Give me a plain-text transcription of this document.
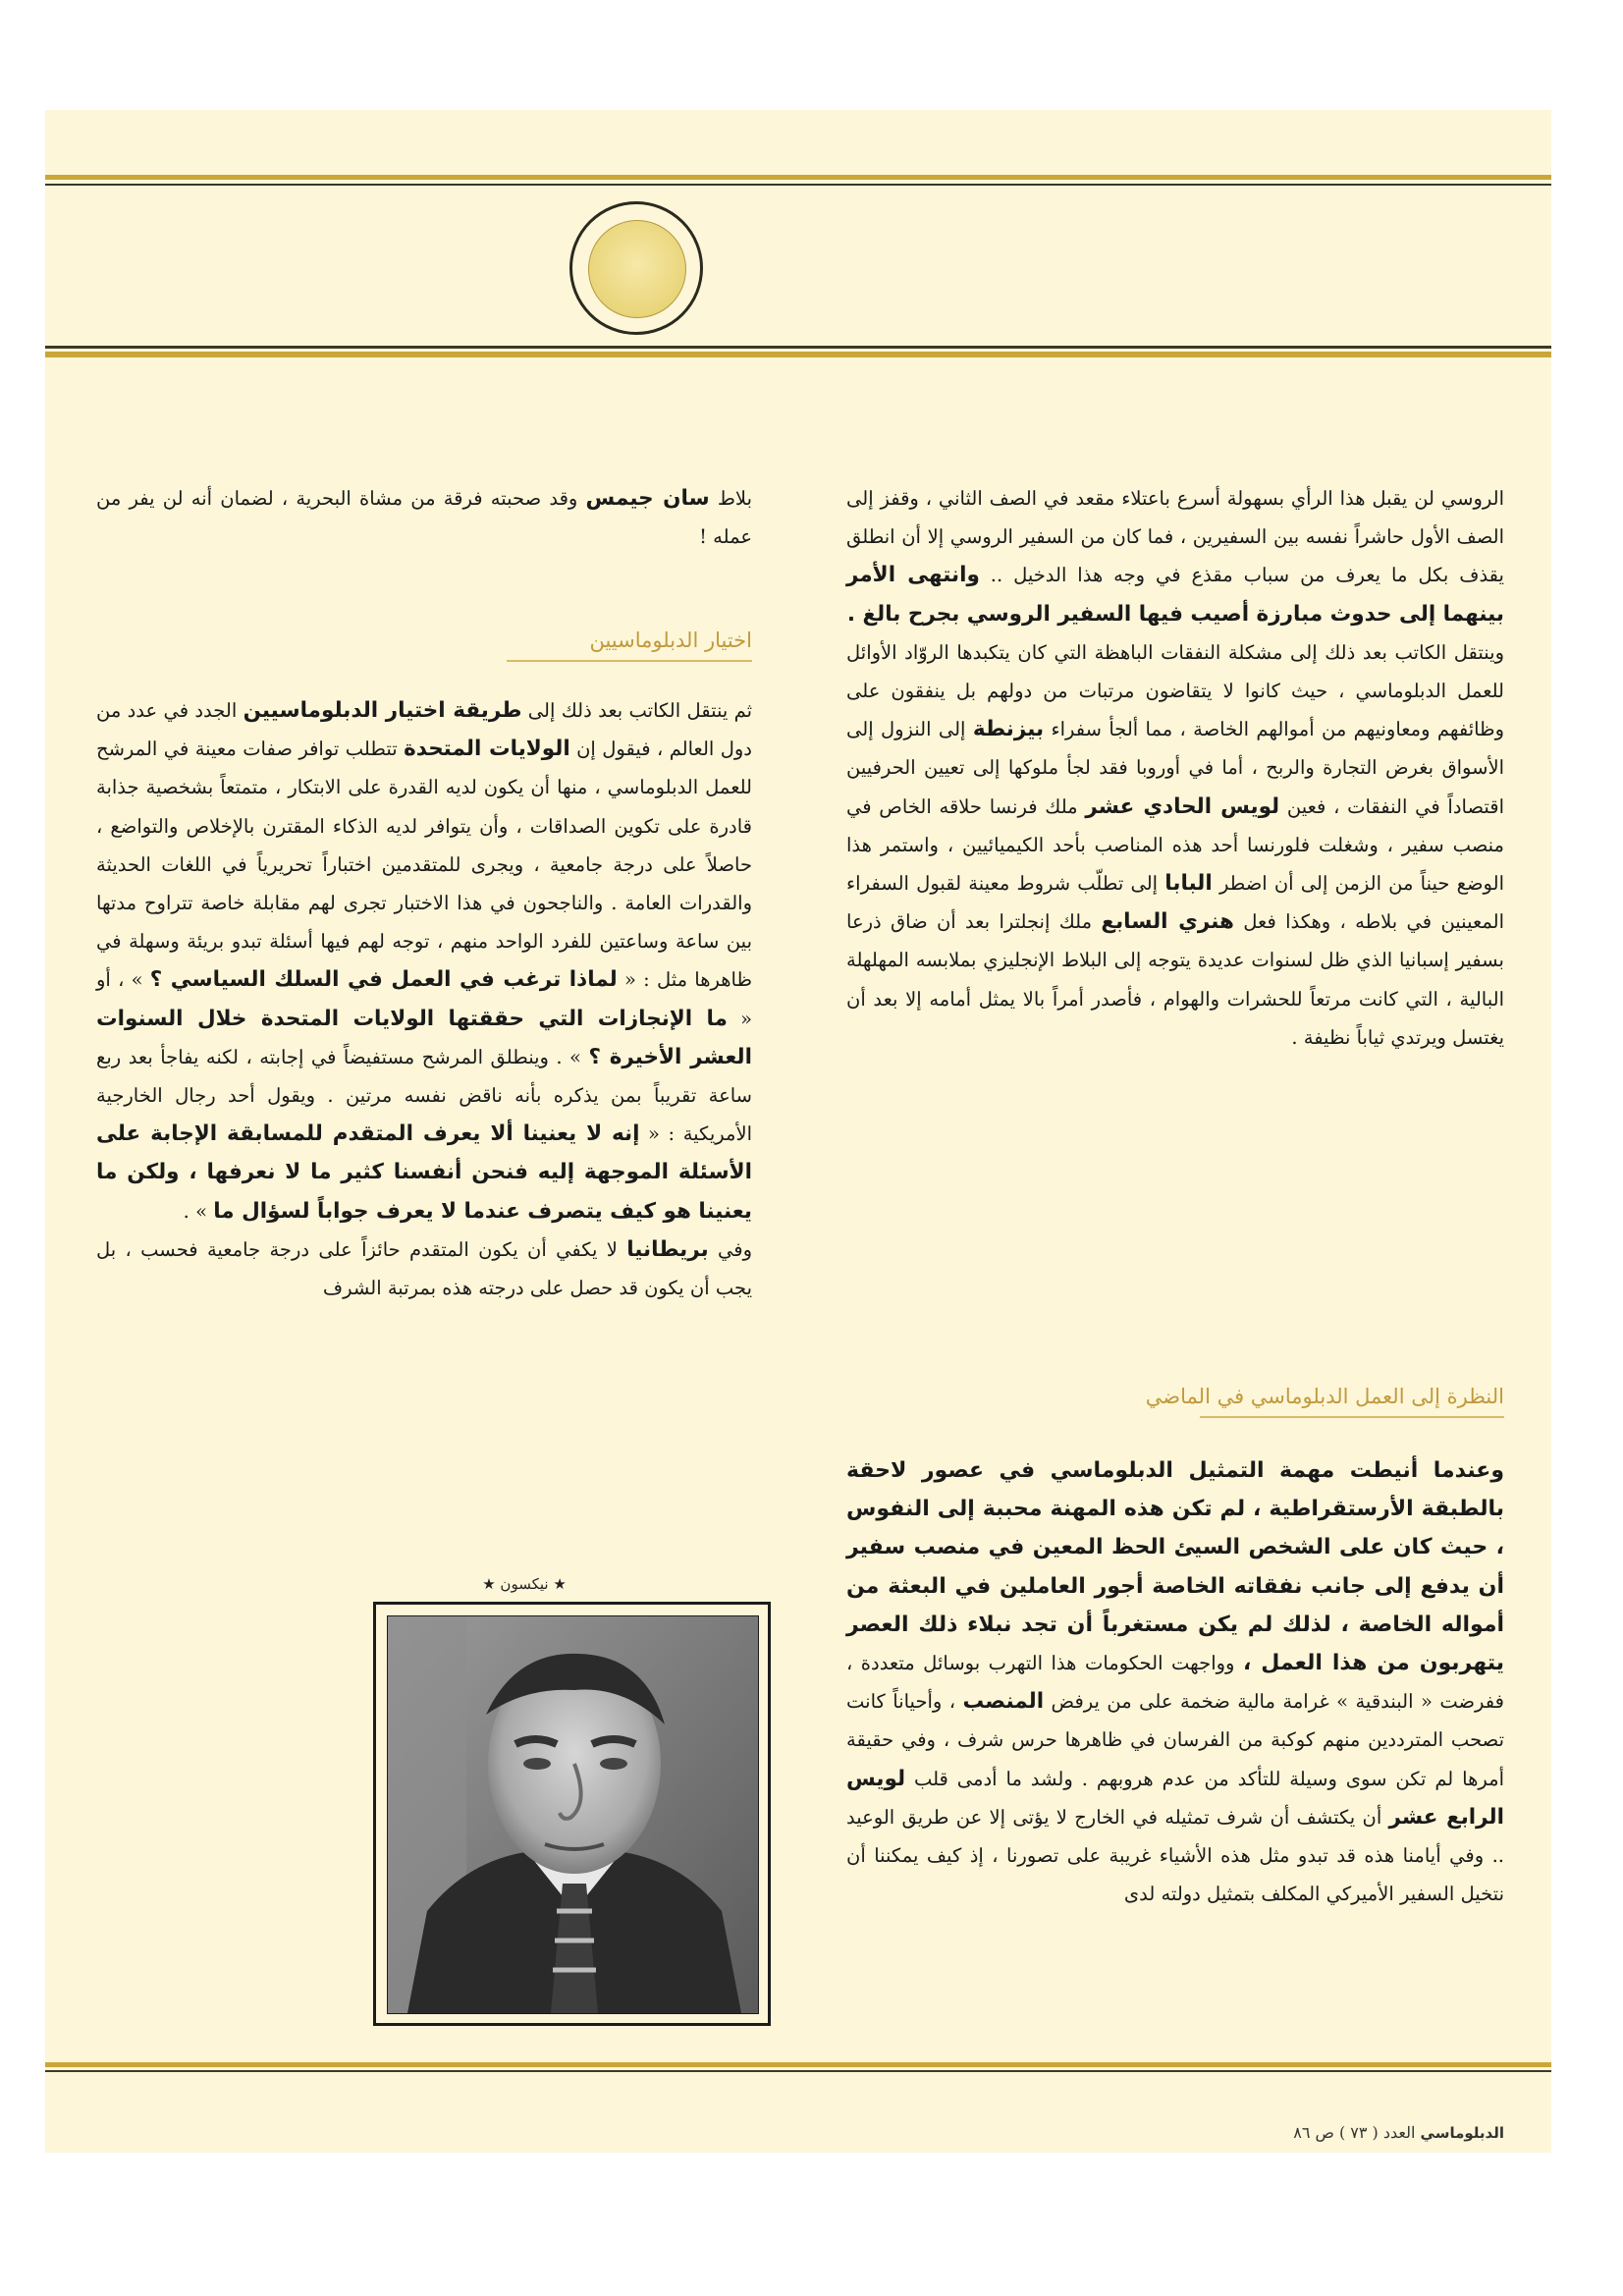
الروسي لن يقبل هذا الرأي بسهولة أسرع باعتلاء مقعد في الصف الثاني ، وقفز إلى الصف الأول حاشراً نفسه بين السفيرين ، فما كان من السفير الروسي إلا أن انطلق يقذف بكل ما يعرف من سباب مقذع في وجه هذا الدخيل .. وانتهى الأمر بينهما إلى حدوث مبارزة أصيب فيها السفير الروسي بجرح بالغ .

وينتقل الكاتب بعد ذلك إلى مشكلة النفقات الباهظة التي كان يتكبدها الروّاد الأوائل للعمل الدبلوماسي ، حيث كانوا لا يتقاضون مرتبات من دولهم بل ينفقون على وظائفهم ومعاونيهم من أموالهم الخاصة ، مما ألجأ سفراء بيزنطة إلى النزول إلى الأسواق بغرض التجارة والربح ، أما في أوروبا فقد لجأ ملوكها إلى تعيين الحرفيين اقتصاداً في النفقات ، فعين لويس الحادي عشر ملك فرنسا حلاقه الخاص في منصب سفير ، وشغلت فلورنسا أحد هذه المناصب بأحد الكيميائيين ، واستمر هذا الوضع حيناً من الزمن إلى أن اضطر البابا إلى تطلّب شروط معينة لقبول السفراء المعينين في بلاطه ، وهكذا فعل هنري السابع ملك إنجلترا بعد أن ضاق ذرعا بسفير إسبانيا الذي ظل لسنوات عديدة يتوجه إلى البلاط الإنجليزي بملابسه المهلهلة البالية ، التي كانت مرتعاً للحشرات والهوام ، فأصدر أمراً بالا يمثل أمامه إلا بعد أن يغتسل ويرتدي ثياباً نظيفة .

النظرة إلى العمل الدبلوماسي في الماضي

وعندما أنيطت مهمة التمثيل الدبلوماسي في عصور لاحقة بالطبقة الأرستقراطية ، لم تكن هذه المهنة محببة إلى النفوس ، حيث كان على الشخص السيئ الحظ المعين في منصب سفير أن يدفع إلى جانب نفقاته الخاصة أجور العاملين في البعثة من أمواله الخاصة ، لذلك لم يكن مستغرباً أن تجد نبلاء ذلك العصر يتهربون من هذا العمل ، وواجهت الحكومات هذا التهرب بوسائل متعددة ، ففرضت « البندقية » غرامة مالية ضخمة على من يرفض المنصب ، وأحياناً كانت تصحب المترددين منهم كوكبة من الفرسان في ظاهرها حرس شرف ، وفي حقيقة أمرها لم تكن سوى وسيلة للتأكد من عدم هروبهم . ولشد ما أدمى قلب لويس الرابع عشر أن يكتشف أن شرف تمثيله في الخارج لا يؤتى إلا عن طريق الوعيد .. وفي أيامنا هذه قد تبدو مثل هذه الأشياء غريبة على تصورنا ، إذ كيف يمكننا أن نتخيل السفير الأميركي المكلف بتمثيل دولته لدى

بلاط سان جيمس وقد صحبته فرقة من مشاة البحرية ، لضمان أنه لن يفر من عمله !

اختيار الدبلوماسيين

ثم ينتقل الكاتب بعد ذلك إلى طريقة اختيار الدبلوماسيين الجدد في عدد من دول العالم ، فيقول إن الولايات المتحدة تتطلب توافر صفات معينة في المرشح للعمل الدبلوماسي ، منها أن يكون لديه القدرة على الابتكار ، متمتعاً بشخصية جذابة قادرة على تكوين الصداقات ، وأن يتوافر لديه الذكاء المقترن بالإخلاص والتواضع ، حاصلاً على درجة جامعية ، ويجرى للمتقدمين اختباراً تحريرياً في اللغات الحديثة والقدرات العامة . والناجحون في هذا الاختبار تجرى لهم مقابلة خاصة تتراوح مدتها بين ساعة وساعتين للفرد الواحد منهم ، توجه لهم فيها أسئلة تبدو بريئة وسهلة في ظاهرها مثل : « لماذا ترغب في العمل في السلك السياسي ؟ » ، أو « ما الإنجازات التي حققتها الولايات المتحدة خلال السنوات العشر الأخيرة ؟ » . وينطلق المرشح مستفيضاً في إجابته ، لكنه يفاجأ بعد ربع ساعة تقريباً بمن يذكره بأنه ناقض نفسه مرتين . ويقول أحد رجال الخارجية الأمريكية : « إنه لا يعنينا ألا يعرف المتقدم للمسابقة الإجابة على الأسئلة الموجهة إليه فنحن أنفسنا كثير ما لا نعرفها ، ولكن ما يعنينا هو كيف يتصرف عندما لا يعرف جواباً لسؤال ما » .

وفي بريطانيا لا يكفي أن يكون المتقدم حائزاً على درجة جامعية فحسب ، بل يجب أن يكون قد حصل على درجته هذه بمرتبة الشرف

★ نيكسون ★
الدبلوماسي العدد ( ٧٣ ) ص ٨٦
